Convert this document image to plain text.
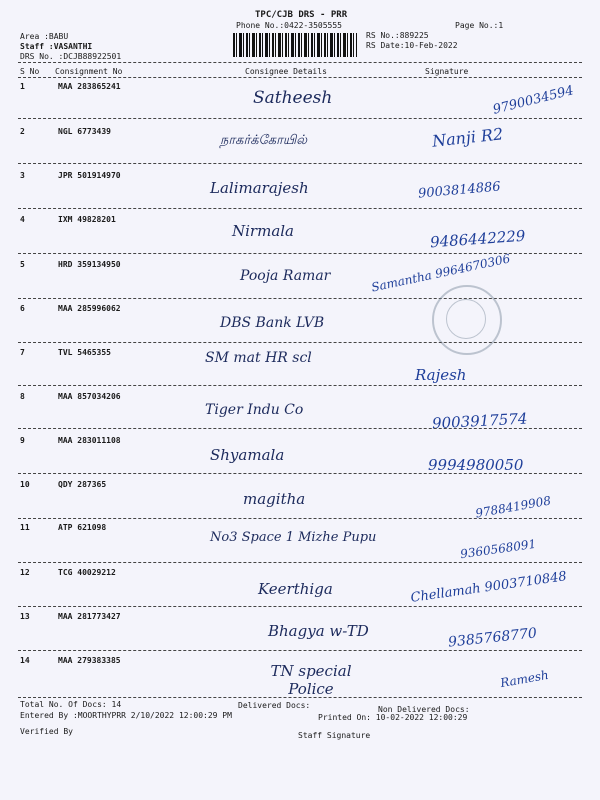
TPC/CJB DRS - PRR
Phone No.:0422-3505555	Page No.:1
Area :BABU
Staff :VASANTHI
DRS No. :DCJB88922501
RS No.:889225
RS Date:10-Feb-2022
S No Consignment No	Consignee Details	Signature
1	MAA 283865241
Satheesh	9790034594
2	NGL 6773439
நாகர்க்கோயில்	Nanji R2
3	JPR 501914970
Lalimarajesh	9003814886
4	IXM 49828201
Nirmala	9486442229
5	HRD 359134950
Pooja Ramar	Samantha 9964670306
6	MAA 285996062
DBS Bank LVB
7	TVL 5465355	SM mat HR scl
Rajesh
8	MAA 857034206
Tiger Indu Co	9003917574
9	MAA 283011108
Shyamala
9994980050
10	QDY 287365
magitha	9788419908
11	ATP 621098
No3 Space 1 Mizhe Pupu	9360568091
12	TCG 40029212
Keerthiga	Chellamah 9003710848
13	MAA 281773427
Bhagya w-TD	9385768770
14	MAA 279383385
TN special Police	Ramesh
Total No. Of Docs: 14	Delivered Docs:	Non Delivered Docs:
Entered By :MOORTHYPRR 2/10/2022 12:00:29 PM	Printed On: 10-02-2022 12:00:29
Verified By	Staff Signature
